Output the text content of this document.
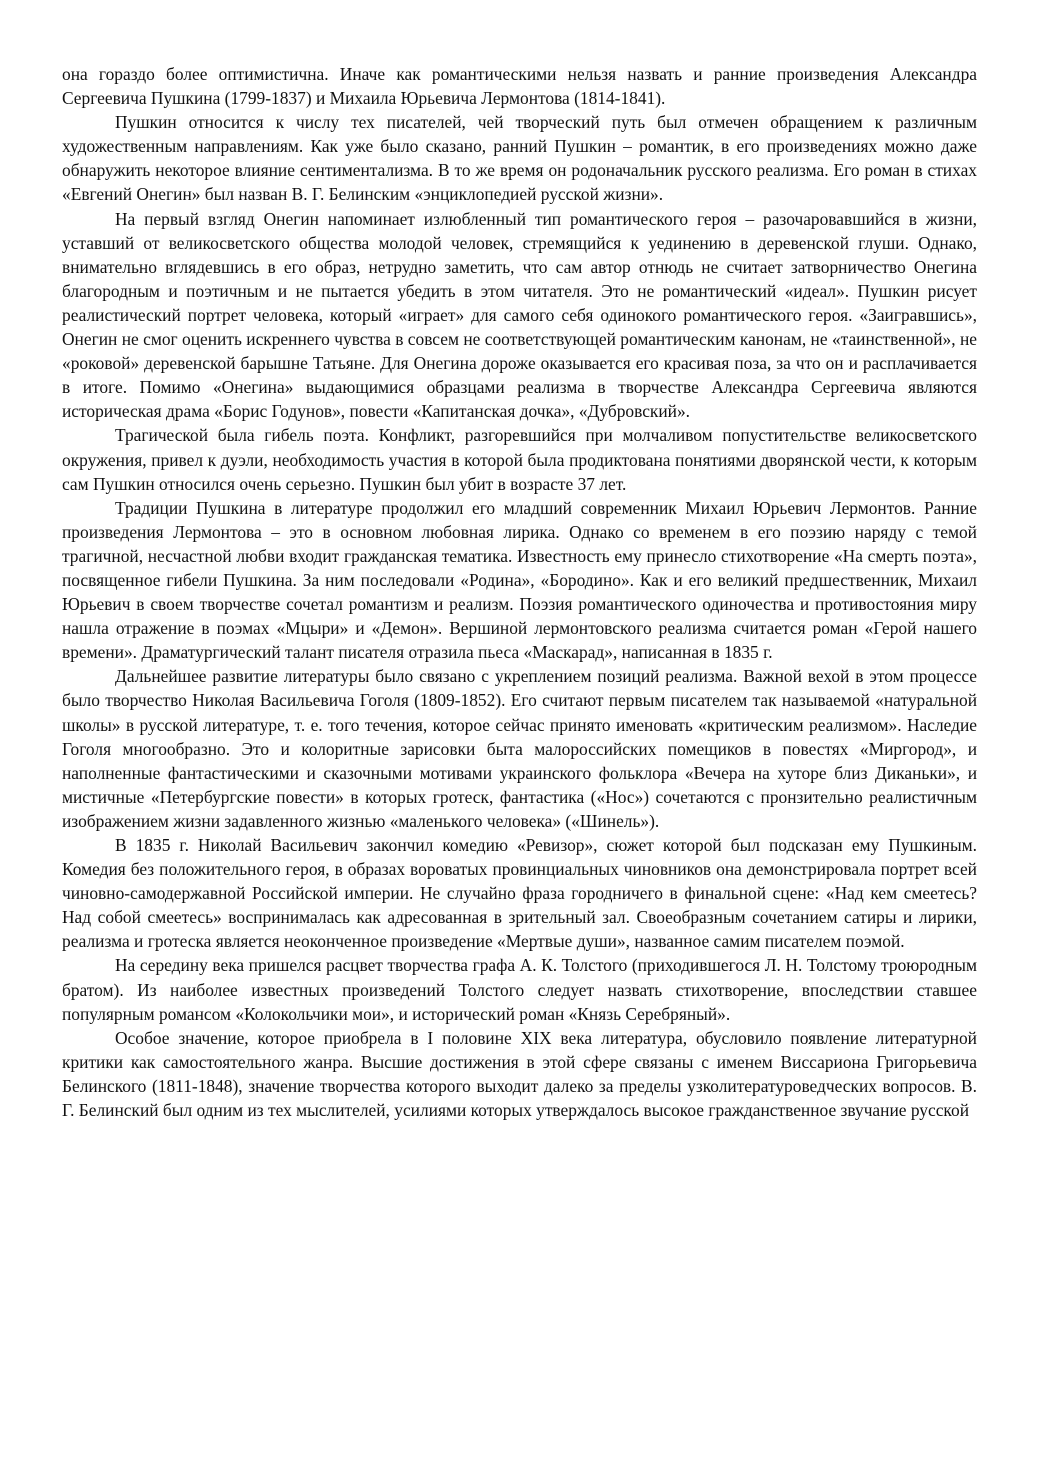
она гораздо более оптимистична. Иначе как романтическими нельзя назвать и ранние произведения Александра Сергеевича Пушкина (1799-1837) и Михаила Юрьевича Лермонтова (1814-1841).

Пушкин относится к числу тех писателей, чей творческий путь был отмечен обращением к различным художественным направлениям. Как уже было сказано, ранний Пушкин – романтик, в его произведениях можно даже обнаружить некоторое влияние сентиментализма. В то же время он родоначальник русского реализма. Его роман в стихах «Евгений Онегин» был назван В. Г. Белинским «энциклопедией русской жизни».

На первый взгляд Онегин напоминает излюбленный тип романтического героя – разочаровавшийся в жизни, уставший от великосветского общества молодой человек, стремящийся к уединению в деревенской глуши. Однако, внимательно вглядевшись в его образ, нетрудно заметить, что сам автор отнюдь не считает затворничество Онегина благородным и поэтичным и не пытается убедить в этом читателя. Это не романтический «идеал». Пушкин рисует реалистический портрет человека, который «играет» для самого себя одинокого романтического героя. «Заигравшись», Онегин не смог оценить искреннего чувства в совсем не соответствующей романтическим канонам, не «таинственной», не «роковой» деревенской барышне Татьяне. Для Онегина дороже оказывается его красивая поза, за что он и расплачивается в итоге. Помимо «Онегина» выдающимися образцами реализма в творчестве Александра Сергеевича являются историческая драма «Борис Годунов», повести «Капитанская дочка», «Дубровский».

Трагической была гибель поэта. Конфликт, разгоревшийся при молчаливом попустительстве великосветского окружения, привел к дуэли, необходимость участия в которой была продиктована понятиями дворянской чести, к которым сам Пушкин относился очень серьезно. Пушкин был убит в возрасте 37 лет.

Традиции Пушкина в литературе продолжил его младший современник Михаил Юрьевич Лермонтов. Ранние произведения Лермонтова – это в основном любовная лирика. Однако со временем в его поэзию наряду с темой трагичной, несчастной любви входит гражданская тематика. Известность ему принесло стихотворение «На смерть поэта», посвященное гибели Пушкина. За ним последовали «Родина», «Бородино». Как и его великий предшественник, Михаил Юрьевич в своем творчестве сочетал романтизм и реализм. Поэзия романтического одиночества и противостояния миру нашла отражение в поэмах «Мцыри» и «Демон». Вершиной лермонтовского реализма считается роман «Герой нашего времени». Драматургический талант писателя отразила пьеса «Маскарад», написанная в 1835 г.

Дальнейшее развитие литературы было связано с укреплением позиций реализма. Важной вехой в этом процессе было творчество Николая Васильевича Гоголя (1809-1852). Его считают первым писателем так называемой «натуральной школы» в русской литературе, т. е. того течения, которое сейчас принято именовать «критическим реализмом». Наследие Гоголя многообразно. Это и колоритные зарисовки быта малороссийских помещиков в повестях «Миргород», и наполненные фантастическими и сказочными мотивами украинского фольклора «Вечера на хуторе близ Диканьки», и мистичные «Петербургские повести» в которых гротеск, фантастика («Нос») сочетаются с пронзительно реалистичным изображением жизни задавленного жизнью «маленького человека» («Шинель»).

В 1835 г. Николай Васильевич закончил комедию «Ревизор», сюжет которой был подсказан ему Пушкиным. Комедия без положительного героя, в образах вороватых провинциальных чиновников она демонстрировала портрет всей чиновно-самодержавной Российской империи. Не случайно фраза городничего в финальной сцене: «Над кем смеетесь? Над собой смеетесь» воспринималась как адресованная в зрительный зал. Своеобразным сочетанием сатиры и лирики, реализма и гротеска является неоконченное произведение «Мертвые души», названное самим писателем поэмой.

На середину века пришелся расцвет творчества графа А. К. Толстого (приходившегося Л. Н. Толстому троюродным братом). Из наиболее известных произведений Толстого следует назвать стихотворение, впоследствии ставшее популярным романсом «Колокольчики мои», и исторический роман «Князь Серебряный».

Особое значение, которое приобрела в I половине XIX века литература, обусловило появление литературной критики как самостоятельного жанра. Высшие достижения в этой сфере связаны с именем Виссариона Григорьевича Белинского (1811-1848), значение творчества которого выходит далеко за пределы узколитературоведческих вопросов. В. Г. Белинский был одним из тех мыслителей, усилиями которых утверждалось высокое гражданственное звучание русской
